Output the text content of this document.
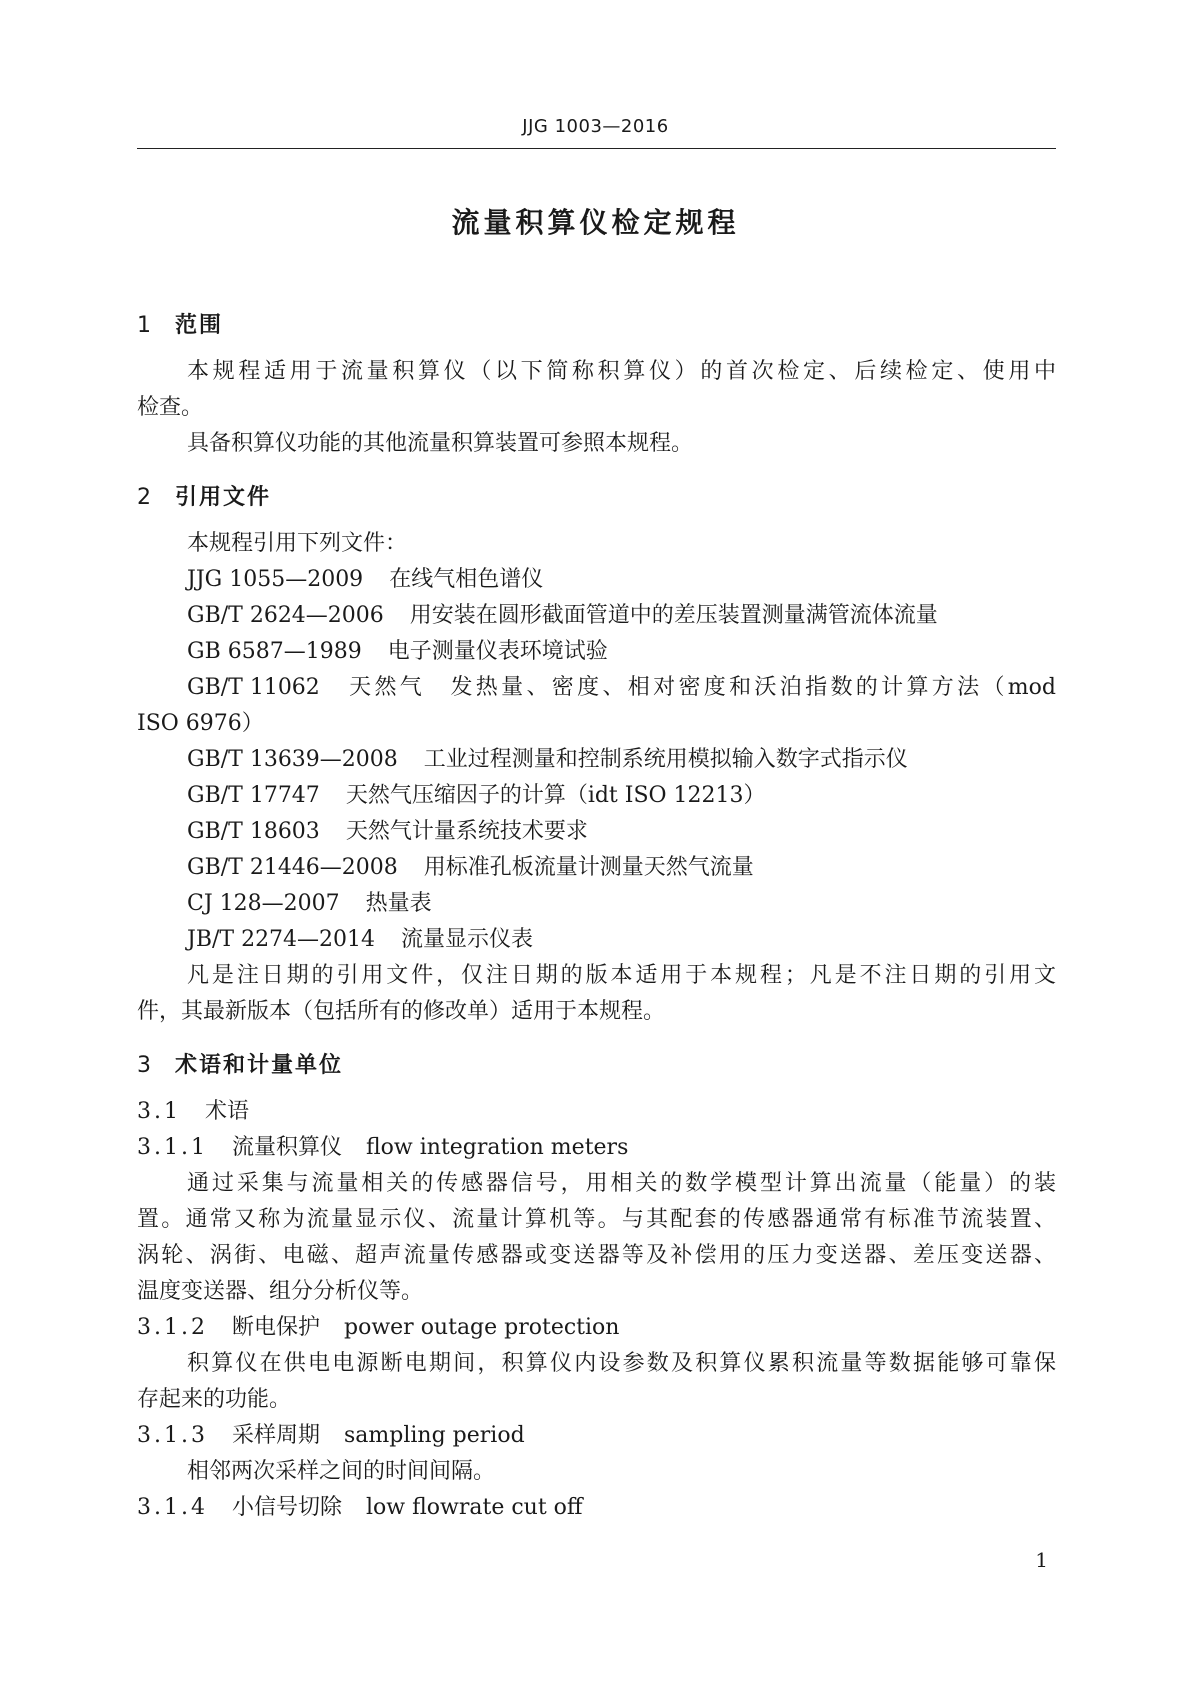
JJG 1003—2016
流量积算仪检定规程
1 范围
本规程适用于流量积算仪（以下简称积算仪）的首次检定、后续检定、使用中
检查。
具备积算仪功能的其他流量积算装置可参照本规程。
2 引用文件
本规程引用下列文件：
JJG 1055—2009 在线气相色谱仪
GB/T 2624—2006 用安装在圆形截面管道中的差压装置测量满管流体流量
GB 6587—1989 电子测量仪表环境试验
GB/T 11062 天然气　发热量、密度、相对密度和沃泊指数的计算方法（mod
ISO 6976）
GB/T 13639—2008 工业过程测量和控制系统用模拟输入数字式指示仪
GB/T 17747 天然气压缩因子的计算（idt ISO 12213）
GB/T 18603 天然气计量系统技术要求
GB/T 21446—2008 用标准孔板流量计测量天然气流量
CJ 128—2007 热量表
JB/T 2274—2014 流量显示仪表
凡是注日期的引用文件，仅注日期的版本适用于本规程；凡是不注日期的引用文
件，其最新版本（包括所有的修改单）适用于本规程。
3 术语和计量单位
3.1 术语
3.1.1 流量积算仪 flow integration meters
通过采集与流量相关的传感器信号，用相关的数学模型计算出流量（能量）的装
置。通常又称为流量显示仪、流量计算机等。与其配套的传感器通常有标准节流装置、
涡轮、涡街、电磁、超声流量传感器或变送器等及补偿用的压力变送器、差压变送器、
温度变送器、组分分析仪等。
3.1.2 断电保护 power outage protection
积算仪在供电电源断电期间，积算仪内设参数及积算仪累积流量等数据能够可靠保
存起来的功能。
3.1.3 采样周期 sampling period
相邻两次采样之间的时间间隔。
3.1.4 小信号切除 low flowrate cut off
1
